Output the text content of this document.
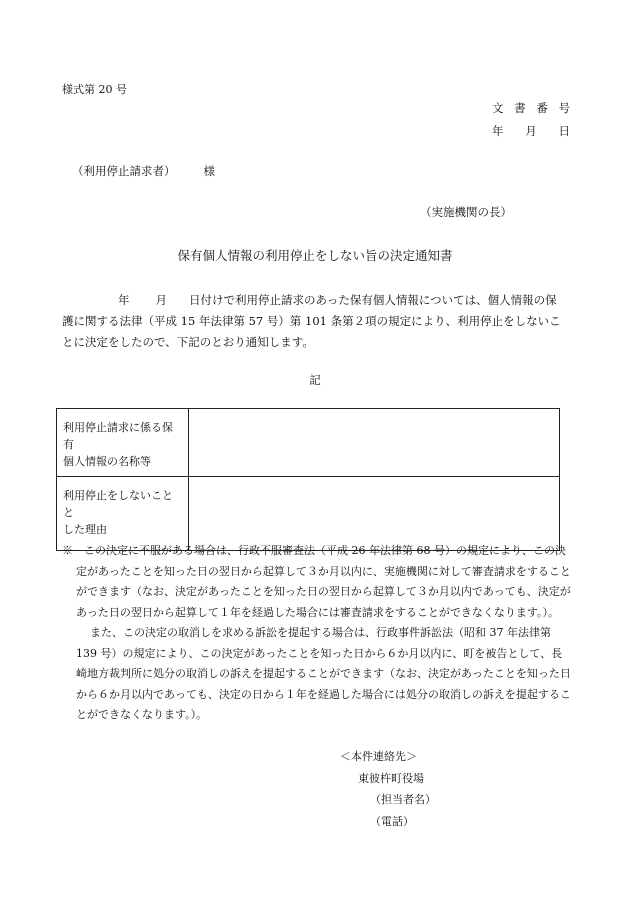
様式第 20 号
文 書 番 号
年 月 日
（利用停止請求者） 様
（実施機関の長）
保有個人情報の利用停止をしない旨の決定通知書
年 月 日付けで利用停止請求のあった保有個人情報については、個人情報の保護に関する法律（平成 15 年法律第 57 号）第 101 条第２項の規定により、利用停止をしないことに決定をしたので、下記のとおり通知します。
記
利用停止請求に係る保有
個人情報の名称等	
利用停止をしないことと
した理由	
※　 この決定に不服がある場合は、行政不服審査法（平成 26 年法律第 68 号）の規定により、この決定があったことを知った日の翌日から起算して３か月以内に、実施機関に対して審査請求をすることができます（なお、決定があったことを知った日の翌日から起算して３か月以内であっても、決定があった日の翌日から起算して１年を経過した場合には審査請求をすることができなくなります。）。
また、この決定の取消しを求める訴訟を提起する場合は、行政事件訴訟法（昭和 37 年法律第 139 号）の規定により、この決定があったことを知った日から６か月以内に、町を被告として、長崎地方裁判所に処分の取消しの訴えを提起することができます（なお、決定があったことを知った日から６か月以内であっても、決定の日から１年を経過した場合には処分の取消しの訴えを提起することができなくなります。）。
＜本件連絡先＞
東彼杵町役場
（担当者名）
（電話）
